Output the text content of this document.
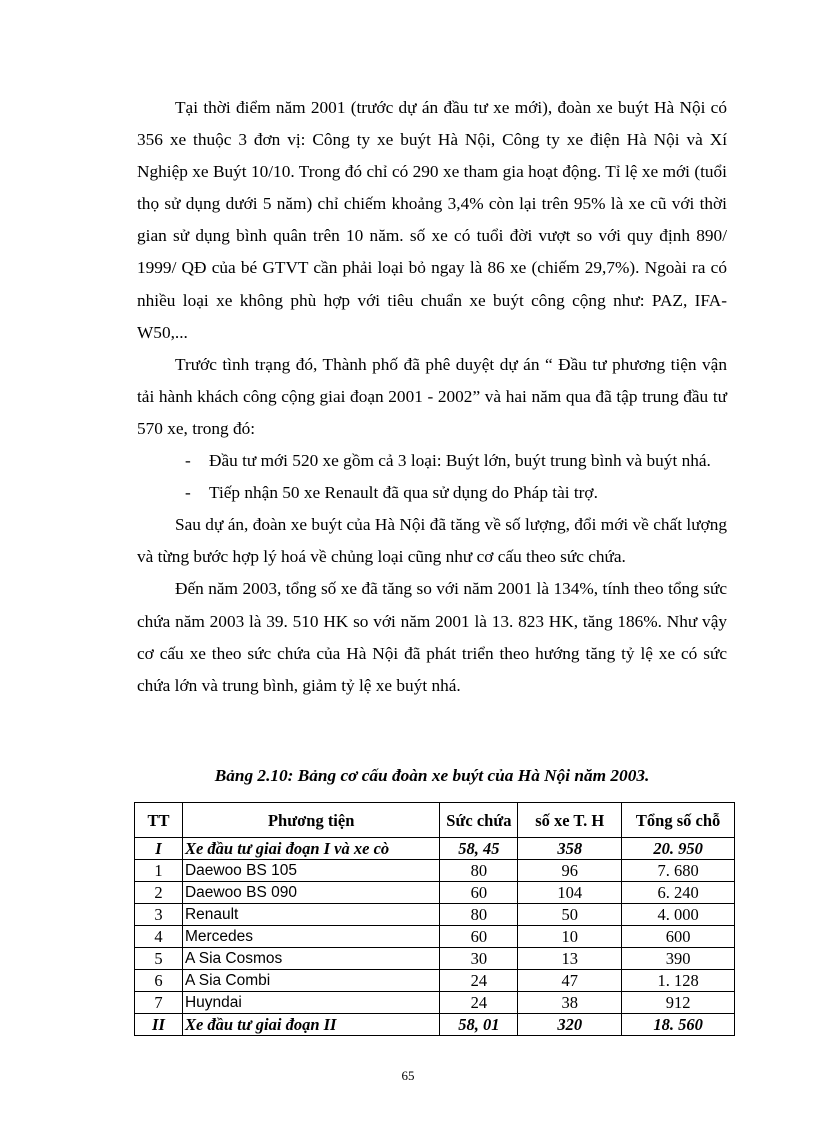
Tại thời điểm năm 2001 (trước dự án đầu tư xe mới), đoàn xe buýt Hà Nội có 356 xe thuộc 3 đơn vị: Công ty xe buýt Hà Nội, Công ty xe điện Hà Nội và Xí Nghiệp xe Buýt 10/10. Trong đó chỉ có 290 xe tham gia hoạt động. Tỉ lệ xe mới (tuổi thọ sử dụng dưới 5 năm) chỉ chiếm khoảng 3,4% còn lại trên 95% là xe cũ với thời gian sử dụng bình quân trên 10 năm. số xe có tuổi đời vượt so với quy định 890/ 1999/ QĐ của bé GTVT cần phải loại bỏ ngay là 86 xe (chiếm 29,7%). Ngoài ra có nhiều loại xe không phù hợp với tiêu chuẩn xe buýt công cộng như: PAZ, IFA-W50,...

Trước tình trạng đó, Thành phố đã phê duyệt dự án “ Đầu tư phương tiện vận tải hành khách công cộng giai đoạn 2001 - 2002” và hai năm qua đã tập trung đầu tư 570 xe, trong đó:

- Đầu tư mới 520 xe gồm cả 3 loại: Buýt lớn, buýt trung bình và buýt nhá.
- Tiếp nhận 50 xe Renault đã qua sử dụng do Pháp tài trợ.

Sau dự án, đoàn xe buýt của Hà Nội đã tăng về số lượng, đổi mới về chất lượng và từng bước hợp lý hoá về chủng loại cũng như cơ cấu theo sức chứa.

Đến năm 2003, tổng số xe đã tăng so với năm 2001 là 134%, tính theo tổng sức chứa năm 2003 là 39. 510 HK so với năm 2001 là 13. 823 HK, tăng 186%. Như vậy cơ cấu xe theo sức chứa của Hà Nội đã phát triển theo hướng tăng tỷ lệ xe có sức chứa lớn và trung bình, giảm tỷ lệ xe buýt nhá.

Bảng 2.10: Bảng cơ cấu đoàn xe buýt của Hà Nội năm 2003.
TT	Phương tiện	Sức chứa	số xe T. H	Tổng số chỗ
I	Xe đầu tư giai đoạn I và xe cò	58, 45	358	20. 950
1	Daewoo BS 105	80	96	7. 680
2	Daewoo BS 090	60	104	6. 240
3	Renault	80	50	4. 000
4	Mercedes	60	10	600
5	A Sia Cosmos	30	13	390
6	A Sia Combi	24	47	1. 128
7	Huyndai	24	38	912
II	Xe đầu tư giai đoạn II	58, 01	320	18. 560
65
